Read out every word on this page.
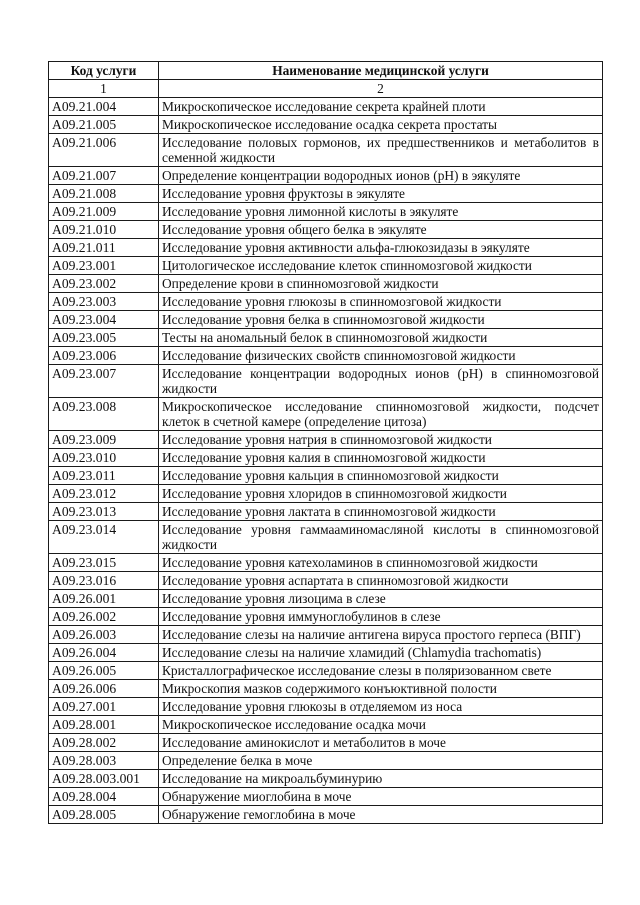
Код услуги	Наименование медицинской услуги
1	2
A09.21.004	Микроскопическое исследование секрета крайней плоти
A09.21.005	Микроскопическое исследование осадка секрета простаты
A09.21.006	Исследование половых гормонов, их предшественников и метаболитов в семенной жидкости
A09.21.007	Определение концентрации водородных ионов (pH) в эякуляте
A09.21.008	Исследование уровня фруктозы в эякуляте
A09.21.009	Исследование уровня лимонной кислоты в эякуляте
A09.21.010	Исследование уровня общего белка в эякуляте
A09.21.011	Исследование уровня активности альфа-глюкозидазы в эякуляте
A09.23.001	Цитологическое исследование клеток спинномозговой жидкости
A09.23.002	Определение крови в спинномозговой жидкости
A09.23.003	Исследование уровня глюкозы в спинномозговой жидкости
A09.23.004	Исследование уровня белка в спинномозговой жидкости
A09.23.005	Тесты на аномальный белок в спинномозговой жидкости
A09.23.006	Исследование физических свойств спинномозговой жидкости
A09.23.007	Исследование концентрации водородных ионов (pH) в спинномозговой жидкости
A09.23.008	Микроскопическое исследование спинномозговой жидкости, подсчет клеток в счетной камере (определение цитоза)
A09.23.009	Исследование уровня натрия в спинномозговой жидкости
A09.23.010	Исследование уровня калия в спинномозговой жидкости
A09.23.011	Исследование уровня кальция в спинномозговой жидкости
A09.23.012	Исследование уровня хлоридов в спинномозговой жидкости
A09.23.013	Исследование уровня лактата в спинномозговой жидкости
A09.23.014	Исследование уровня гаммааминомасляной кислоты в спинномозговой жидкости
A09.23.015	Исследование уровня катехоламинов в спинномозговой жидкости
A09.23.016	Исследование уровня аспартата в спинномозговой жидкости
A09.26.001	Исследование уровня лизоцима в слезе
A09.26.002	Исследование уровня иммуноглобулинов в слезе
A09.26.003	Исследование слезы на наличие антигена вируса простого герпеса (ВПГ)
A09.26.004	Исследование слезы на наличие хламидий (Chlamydia trachomatis)
A09.26.005	Кристаллографическое исследование слезы в поляризованном свете
A09.26.006	Микроскопия мазков содержимого конъюктивной полости
A09.27.001	Исследование уровня глюкозы в отделяемом из носа
A09.28.001	Микроскопическое исследование осадка мочи
A09.28.002	Исследование аминокислот и метаболитов в моче
A09.28.003	Определение белка в моче
A09.28.003.001	Исследование на микроальбуминурию
A09.28.004	Обнаружение миоглобина в моче
A09.28.005	Обнаружение гемоглобина в моче
